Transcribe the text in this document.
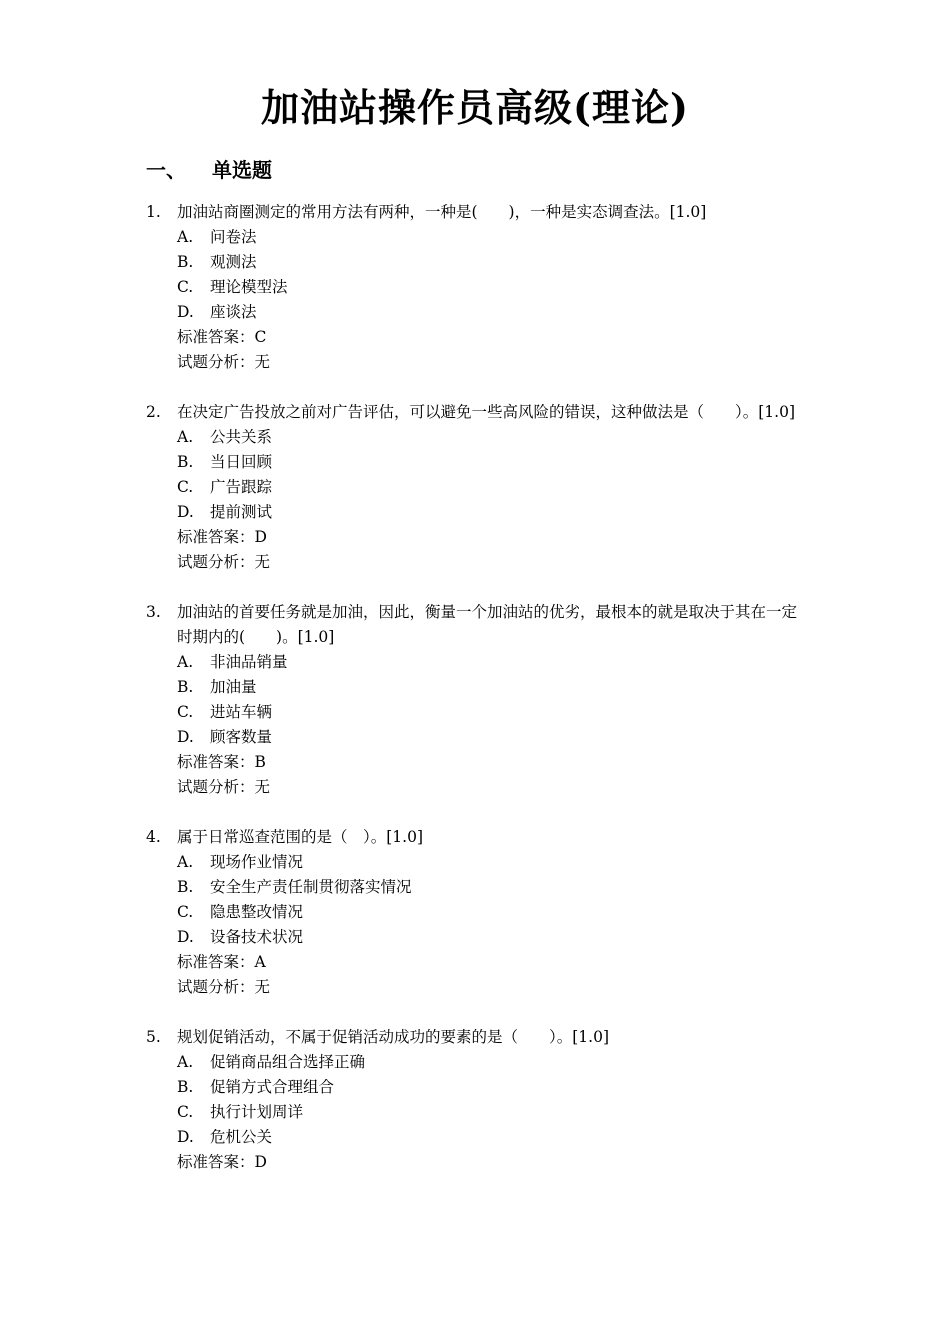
加油站操作员高级(理论)
一、 单选题
1. 加油站商圈测定的常用方法有两种，一种是(　　)，一种是实态调查法。[1.0]
A. 问卷法
B. 观测法
C. 理论模型法
D. 座谈法
标准答案：C
试题分析：无
2. 在决定广告投放之前对广告评估，可以避免一些高风险的错误，这种做法是（　　）。[1.0]
A. 公共关系
B. 当日回顾
C. 广告跟踪
D. 提前测试
标准答案：D
试题分析：无
3. 加油站的首要任务就是加油，因此，衡量一个加油站的优劣，最根本的就是取决于其在一定时期内的(　　)。[1.0]
A. 非油品销量
B. 加油量
C. 进站车辆
D. 顾客数量
标准答案：B
试题分析：无
4. 属于日常巡查范围的是（　）。[1.0]
A. 现场作业情况
B. 安全生产责任制贯彻落实情况
C. 隐患整改情况
D. 设备技术状况
标准答案：A
试题分析：无
5. 规划促销活动，不属于促销活动成功的要素的是（　　）。[1.0]
A. 促销商品组合选择正确
B. 促销方式合理组合
C. 执行计划周详
D. 危机公关
标准答案：D
